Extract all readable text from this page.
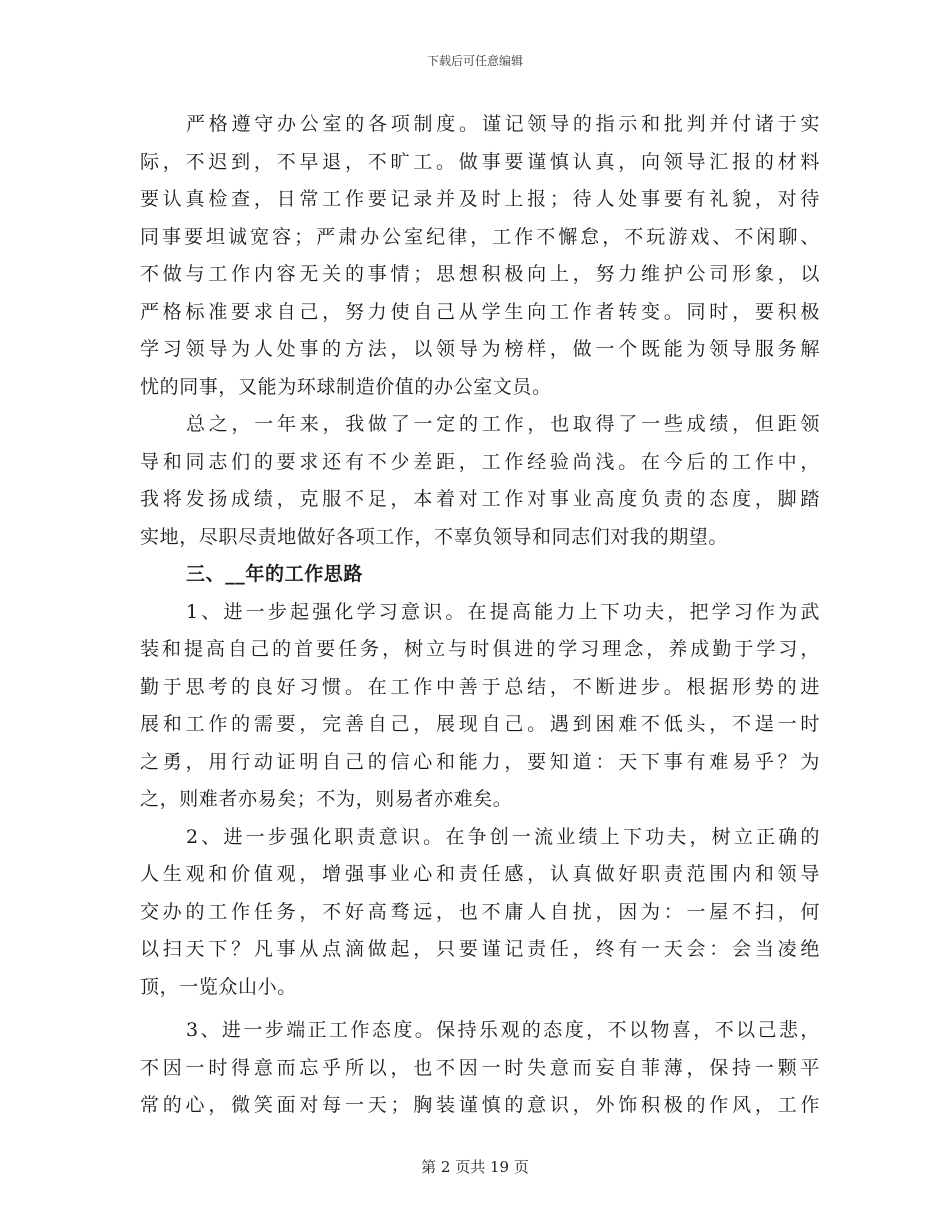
下载后可任意编辑
严格遵守办公室的各项制度。谨记领导的指示和批判并付诸于实
际，不迟到，不早退，不旷工。做事要谨慎认真，向领导汇报的材料
要认真检查，日常工作要记录并及时上报；待人处事要有礼貌，对待
同事要坦诚宽容；严肃办公室纪律，工作不懈怠，不玩游戏、不闲聊、
不做与工作内容无关的事情；思想积极向上，努力维护公司形象，以
严格标准要求自己，努力使自己从学生向工作者转变。同时，要积极
学习领导为人处事的方法，以领导为榜样，做一个既能为领导服务解
忧的同事，又能为环球制造价值的办公室文员。
总之，一年来，我做了一定的工作，也取得了一些成绩，但距领
导和同志们的要求还有不少差距，工作经验尚浅。在今后的工作中，
我将发扬成绩，克服不足，本着对工作对事业高度负责的态度，脚踏
实地，尽职尽责地做好各项工作，不辜负领导和同志们对我的期望。
三、__年的工作思路
1、进一步起强化学习意识。在提高能力上下功夫，把学习作为武
装和提高自己的首要任务，树立与时俱进的学习理念，养成勤于学习，
勤于思考的良好习惯。在工作中善于总结，不断进步。根据形势的进
展和工作的需要，完善自己，展现自己。遇到困难不低头，不逞一时
之勇，用行动证明自己的信心和能力，要知道：天下事有难易乎？为
之，则难者亦易矣；不为，则易者亦难矣。
2、进一步强化职责意识。在争创一流业绩上下功夫，树立正确的
人生观和价值观，增强事业心和责任感，认真做好职责范围内和领导
交办的工作任务，不好高骛远，也不庸人自扰，因为：一屋不扫，何
以扫天下？凡事从点滴做起，只要谨记责任，终有一天会：会当凌绝
顶，一览众山小。
3、进一步端正工作态度。保持乐观的态度，不以物喜，不以己悲，
不因一时得意而忘乎所以，也不因一时失意而妄自菲薄，保持一颗平
常的心，微笑面对每一天；胸装谨慎的意识，外饰积极的作风，工作
第 2 页共 19 页
